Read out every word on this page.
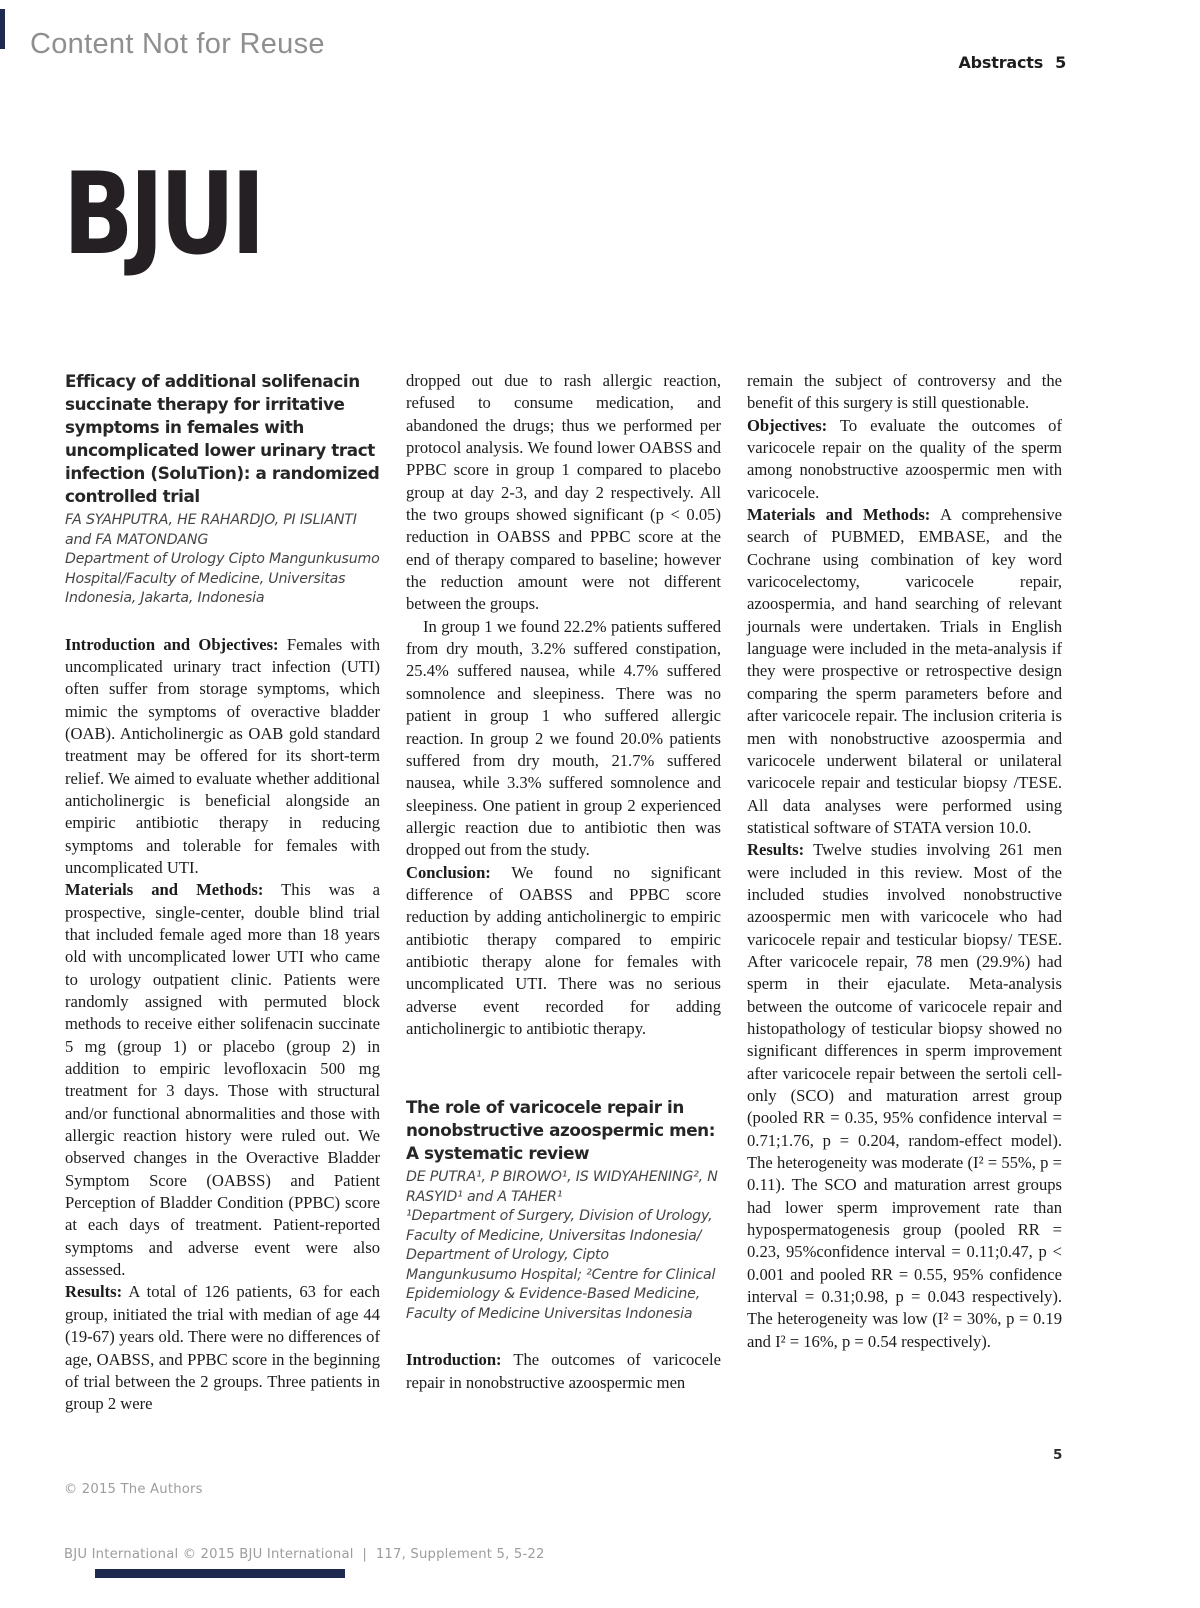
Content Not for Reuse
Abstracts 5
BJUI
Efficacy of additional solifenacin succinate therapy for irritative symptoms in females with uncomplicated lower urinary tract infection (SoluTion): a randomized controlled trial
FA SYAHPUTRA, HE RAHARDJO, PI ISLIANTI and FA MATONDANG
Department of Urology Cipto Mangunkusumo Hospital/Faculty of Medicine, Universitas Indonesia, Jakarta, Indonesia

Introduction and Objectives: Females with uncomplicated urinary tract infection (UTI) often suffer from storage symptoms, which mimic the symptoms of overactive bladder (OAB). Anticholinergic as OAB gold standard treatment may be offered for its short-term relief. We aimed to evaluate whether additional anticholinergic is beneficial alongside an empiric antibiotic therapy in reducing symptoms and tolerable for females with uncomplicated UTI.

Materials and Methods: This was a prospective, single-center, double blind trial that included female aged more than 18 years old with uncomplicated lower UTI who came to urology outpatient clinic. Patients were randomly assigned with permuted block methods to receive either solifenacin succinate 5 mg (group 1) or placebo (group 2) in addition to empiric levofloxacin 500 mg treatment for 3 days. Those with structural and/or functional abnormalities and those with allergic reaction history were ruled out. We observed changes in the Overactive Bladder Symptom Score (OABSS) and Patient Perception of Bladder Condition (PPBC) score at each days of treatment. Patient-reported symptoms and adverse event were also assessed.

Results: A total of 126 patients, 63 for each group, initiated the trial with median of age 44 (19-67) years old. There were no differences of age, OABSS, and PPBC score in the beginning of trial between the 2 groups. Three patients in group 2 were

dropped out due to rash allergic reaction, refused to consume medication, and abandoned the drugs; thus we performed per protocol analysis. We found lower OABSS and PPBC score in group 1 compared to placebo group at day 2-3, and day 2 respectively. All the two groups showed significant (p < 0.05) reduction in OABSS and PPBC score at the end of therapy compared to baseline; however the reduction amount were not different between the groups.

In group 1 we found 22.2% patients suffered from dry mouth, 3.2% suffered constipation, 25.4% suffered nausea, while 4.7% suffered somnolence and sleepiness. There was no patient in group 1 who suffered allergic reaction. In group 2 we found 20.0% patients suffered from dry mouth, 21.7% suffered nausea, while 3.3% suffered somnolence and sleepiness. One patient in group 2 experienced allergic reaction due to antibiotic then was dropped out from the study.

Conclusion: We found no significant difference of OABSS and PPBC score reduction by adding anticholinergic to empiric antibiotic therapy compared to empiric antibiotic therapy alone for females with uncomplicated UTI. There was no serious adverse event recorded for adding anticholinergic to antibiotic therapy.

The role of varicocele repair in nonobstructive azoospermic men: A systematic review
DE PUTRA¹, P BIROWO¹, IS WIDYAHENING², N RASYID¹ and A TAHER¹
¹Department of Surgery, Division of Urology, Faculty of Medicine, Universitas Indonesia/ Department of Urology, Cipto Mangunkusumo Hospital; ²Centre for Clinical Epidemiology & Evidence-Based Medicine, Faculty of Medicine Universitas Indonesia

Introduction: The outcomes of varicocele repair in nonobstructive azoospermic men

remain the subject of controversy and the benefit of this surgery is still questionable.

Objectives: To evaluate the outcomes of varicocele repair on the quality of the sperm among nonobstructive azoospermic men with varicocele.

Materials and Methods: A comprehensive search of PUBMED, EMBASE, and the Cochrane using combination of key word varicocelectomy, varicocele repair, azoospermia, and hand searching of relevant journals were undertaken. Trials in English language were included in the meta-analysis if they were prospective or retrospective design comparing the sperm parameters before and after varicocele repair. The inclusion criteria is men with nonobstructive azoospermia and varicocele underwent bilateral or unilateral varicocele repair and testicular biopsy /TESE. All data analyses were performed using statistical software of STATA version 10.0.

Results: Twelve studies involving 261 men were included in this review. Most of the included studies involved nonobstructive azoospermic men with varicocele who had varicocele repair and testicular biopsy/ TESE. After varicocele repair, 78 men (29.9%) had sperm in their ejaculate. Meta-analysis between the outcome of varicocele repair and histopathology of testicular biopsy showed no significant differences in sperm improvement after varicocele repair between the sertoli cell-only (SCO) and maturation arrest group (pooled RR = 0.35, 95% confidence interval = 0.71;1.76, p = 0.204, random-effect model). The heterogeneity was moderate (I² = 55%, p = 0.11). The SCO and maturation arrest groups had lower sperm improvement rate than hypospermatogenesis group (pooled RR = 0.23, 95%confidence interval = 0.11;0.47, p < 0.001 and pooled RR = 0.55, 95% confidence interval = 0.31;0.98, p = 0.043 respectively). The heterogeneity was low (I² = 30%, p = 0.19 and I² = 16%, p = 0.54 respectively).

© 2015 The Authors

BJU International © 2015 BJU International  |  117, Supplement 5, 5-22

5
